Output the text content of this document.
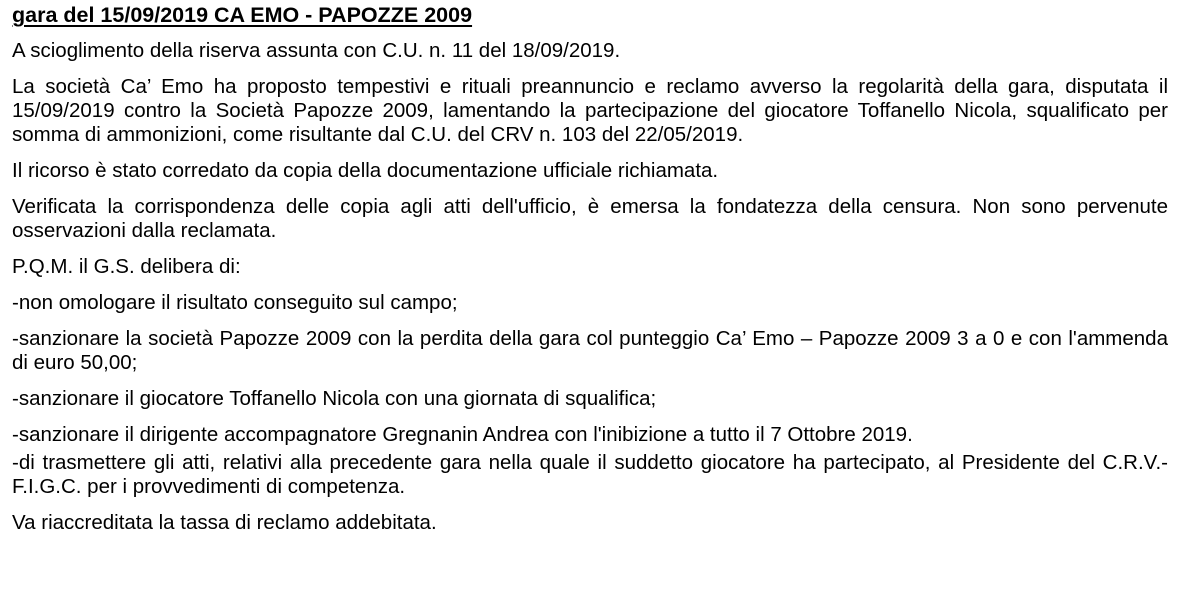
gara del 15/09/2019 CA EMO - PAPOZZE 2009

A scioglimento della riserva assunta con C.U. n. 11 del 18/09/2019.

La società Ca’ Emo ha proposto tempestivi e rituali preannuncio e reclamo avverso la regolarità della gara, disputata il 15/09/2019 contro la Società Papozze 2009, lamentando la partecipazione del giocatore Toffanello Nicola, squalificato per somma di ammonizioni, come risultante dal C.U. del CRV n. 103 del 22/05/2019.

Il ricorso è stato corredato da copia della documentazione ufficiale richiamata.

Verificata la corrispondenza delle copia agli atti dell'ufficio, è emersa la fondatezza della censura. Non sono pervenute osservazioni dalla reclamata.

P.Q.M. il G.S. delibera di:

-non omologare il risultato conseguito sul campo;

-sanzionare la società Papozze 2009 con la perdita della gara col punteggio Ca’ Emo – Papozze 2009 3 a 0 e con l'ammenda di euro 50,00;

-sanzionare il giocatore Toffanello Nicola con una giornata di squalifica;

-sanzionare il dirigente accompagnatore Gregnanin Andrea con l'inibizione a tutto il 7 Ottobre 2019.

-di trasmettere gli atti, relativi alla precedente gara nella quale il suddetto giocatore ha partecipato, al Presidente del C.R.V.- F.I.G.C. per i provvedimenti di competenza.

Va riaccreditata la tassa di reclamo addebitata.
